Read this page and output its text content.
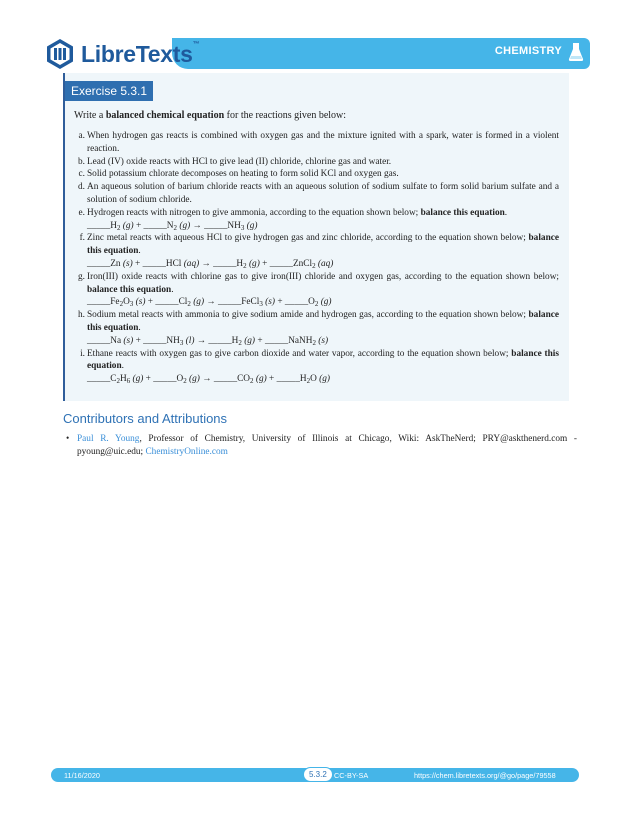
LibreTexts™
CHEMISTRY
Exercise 5.3.1
Write a balanced chemical equation for the reactions given below:
a. When hydrogen gas reacts is combined with oxygen gas and the mixture ignited with a spark, water is formed in a violent reaction.
b. Lead (IV) oxide reacts with HCl to give lead (II) chloride, chlorine gas and water.
c. Solid potassium chlorate decomposes on heating to form solid KCl and oxygen gas.
d. An aqueous solution of barium chloride reacts with an aqueous solution of sodium sulfate to form solid barium sulfate and a solution of sodium chloride.
e. Hydrogen reacts with nitrogen to give ammonia, according to the equation shown below; balance this equation.
$\_\_\_\_\_H_2$ $(g) + \_\_\_\_\_N_2$ $(g) \to \_\_\_\_\_NH_3$ (g)
f. Zinc metal reacts with aqueous HCl to give hydrogen gas and zinc chloride, according to the equation shown below; balance this equation.
_____Zn (s) + _____HCl $(aq) \to \_\_\_\_\_H_2$ (g) + _____ZnCl$_2$ (aq)
g. Iron(III) oxide reacts with chlorine gas to give iron(III) chloride and oxygen gas, according to the equation shown below; balance this equation.
$\_\_\_\_\_Fe_2O_3$ $(s) + \_\_\_\_\_Cl_2$ (g) → _____FeCl$_3$ $(s) + \_\_\_\_\_O_2$ (g)
h. Sodium metal reacts with ammonia to give sodium amide and hydrogen gas, according to the equation shown below; balance this equation.
_____Na $(s) + \_\_\_\_\_NH_3$ $(l) \to \_\_\_\_\_H_2$ (g) + _____NaNH$_2$ (s)
i. Ethane reacts with oxygen gas to give carbon dioxide and water vapor, according to the equation shown below; balance this equation.
$\_\_\_\_\_C_2H_6$ $(g) + \_\_\_\_\_O_2$ $(g) \to \_\_\_\_\_CO_2$ $(g) + \_\_\_\_\_H_2O$ (g)
Contributors and Attributions
• Paul R. Young, Professor of Chemistry, University of Illinois at Chicago, Wiki: AskTheNerd; PRY@askthenerd.com - pyoung@uic.edu; ChemistryOnline.com
11/16/2020	5.3.2 CC-BY-SA	https://chem.libretexts.org/@go/page/79558
